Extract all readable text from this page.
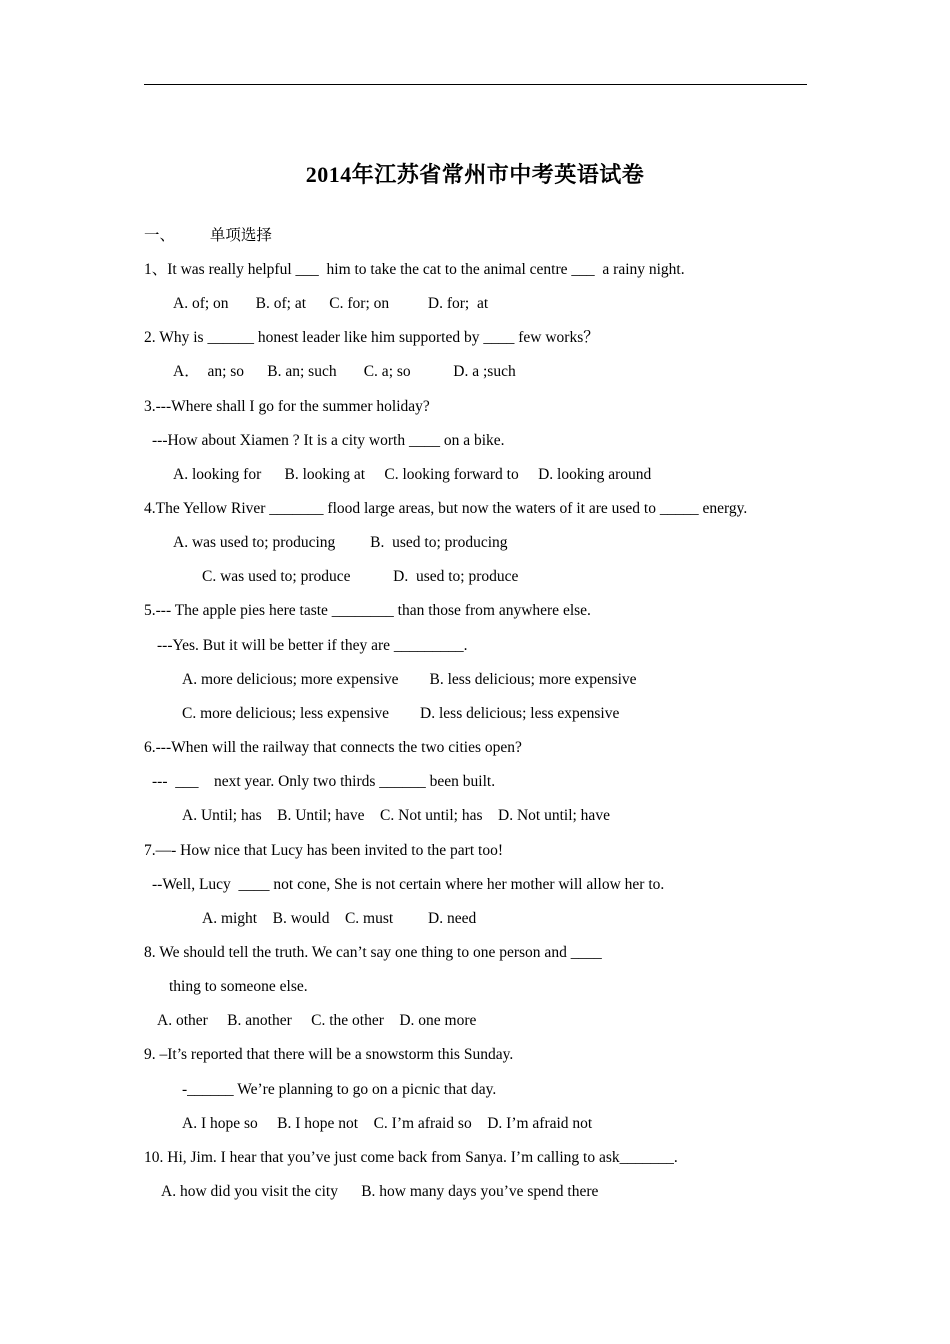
2014年江苏省常州市中考英语试卷
一、         单项选择
1、It was really helpful ___  him to take the cat to the animal centre ___  a rainy night.
A. of; on       B. of; at      C. for; on          D. for;  at
2. Why is ______ honest leader like him supported by ____ few works？
A．  an; so      B. an; such       C. a; so           D. a ;such
3.---Where shall I go for the summer holiday?
---How about Xiamen ? It is a city worth ____ on a bike.
A. looking for      B. looking at     C. looking forward to     D. looking around
4.The Yellow River _______ flood large areas, but now the waters of it are used to _____ energy.
A. was used to; producing         B.  used to; producing
C. was used to; produce           D.  used to; produce
5.--- The apple pies here taste ________ than those from anywhere else.
---Yes. But it will be better if they are _________.
A. more delicious; more expensive        B. less delicious; more expensive
C. more delicious; less expensive        D. less delicious; less expensive
6.---When will the railway that connects the two cities open?
---  ___    next year. Only two thirds ______ been built.
A. Until; has    B. Until; have    C. Not until; has    D. Not until; have
7.—- How nice that Lucy has been invited to the part too!
--Well, Lucy  ____ not cone, She is not certain where her mother will allow her to.
A. might    B. would    C. must         D. need
8. We should tell the truth. We can’t say one thing to one person and ____
thing to someone else.
A. other     B. another     C. the other    D. one more
9. –It’s reported that there will be a snowstorm this Sunday.
-______ We’re planning to go on a picnic that day.
A. I hope so     B. I hope not    C. I’m afraid so    D. I’m afraid not
10. Hi, Jim. I hear that you’ve just come back from Sanya. I’m calling to ask_______.
A. how did you visit the city      B. how many days you’ve spend there
